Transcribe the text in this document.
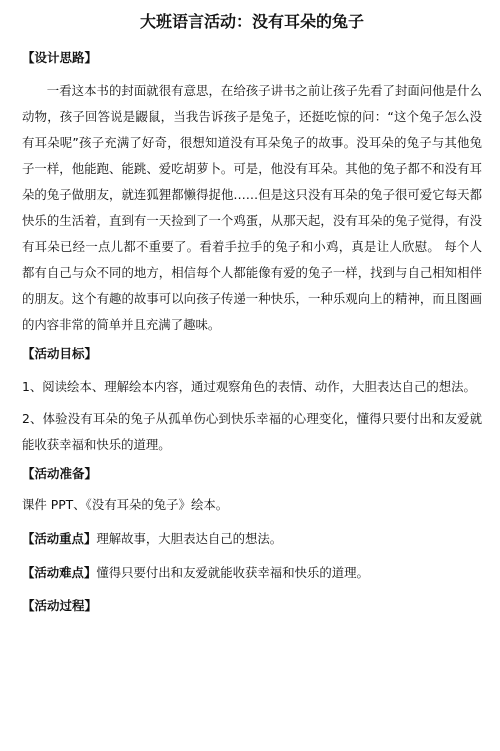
大班语言活动：没有耳朵的兔子
【设计思路】

一看这本书的封面就很有意思，在给孩子讲书之前让孩子先看了封面问他是什么动物，孩子回答说是鼹鼠，当我告诉孩子是兔子，还挺吃惊的问：“这个兔子怎么没有耳朵呢”孩子充满了好奇，很想知道没有耳朵兔子的故事。没耳朵的兔子与其他兔子一样，他能跑、能跳、爱吃胡萝卜。可是，他没有耳朵。其他的兔子都不和没有耳朵的兔子做朋友，就连狐狸都懒得捉他……但是这只没有耳朵的兔子很可爱它每天都快乐的生活着，直到有一天捡到了一个鸡蛋，从那天起，没有耳朵的兔子觉得，有没有耳朵已经一点儿都不重要了。看着手拉手的兔子和小鸡，真是让人欣慰。 每个人都有自己与众不同的地方，相信每个人都能像有爱的兔子一样，找到与自己相知相伴的朋友。这个有趣的故事可以向孩子传递一种快乐，一种乐观向上的精神，而且图画的内容非常的简单并且充满了趣味。

【活动目标】

1、阅读绘本、理解绘本内容，通过观察角色的表情、动作，大胆表达自己的想法。

2、体验没有耳朵的兔子从孤单伤心到快乐幸福的心理变化，懂得只要付出和友爱就能收获幸福和快乐的道理。

【活动准备】
课件 PPT、《没有耳朵的兔子》绘本。
【活动重点】理解故事，大胆表达自己的想法。
【活动难点】懂得只要付出和友爱就能收获幸福和快乐的道理。
【活动过程】
